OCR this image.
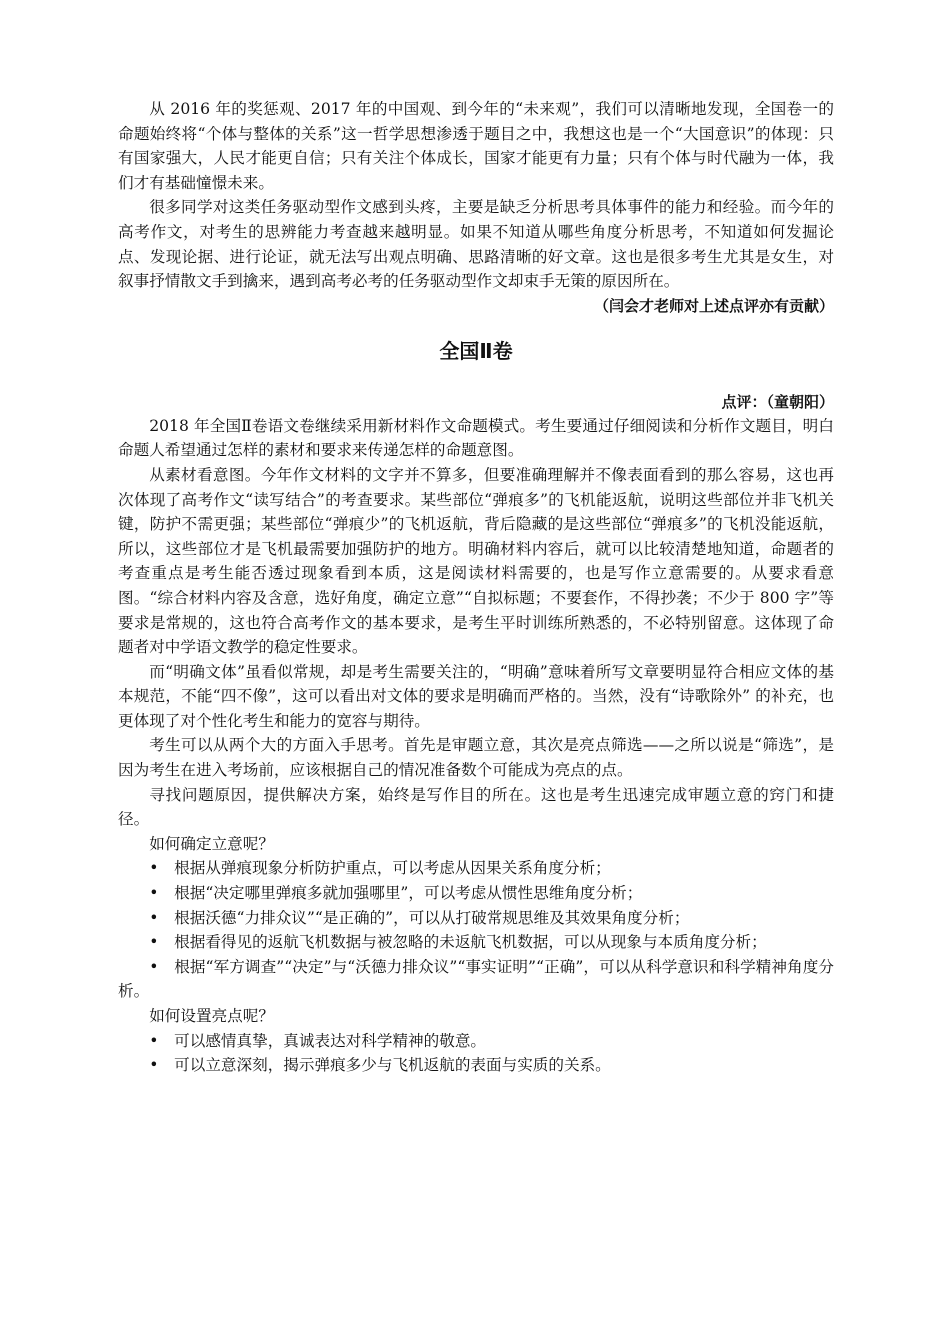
从 2016 年的奖惩观、2017 年的中国观、到今年的“未来观”，我们可以清晰地发现，全国卷一的命题始终将“个体与整体的关系”这一哲学思想渗透于题目之中，我想这也是一个“大国意识”的体现：只有国家强大，人民才能更自信；只有关注个体成长，国家才能更有力量；只有个体与时代融为一体，我们才有基础憧憬未来。

很多同学对这类任务驱动型作文感到头疼，主要是缺乏分析思考具体事件的能力和经验。而今年的高考作文，对考生的思辨能力考查越来越明显。如果不知道从哪些角度分析思考，不知道如何发掘论点、发现论据、进行论证，就无法写出观点明确、思路清晰的好文章。这也是很多考生尤其是女生，对叙事抒情散文手到擒来，遇到高考必考的任务驱动型作文却束手无策的原因所在。

（闫会才老师对上述点评亦有贡献）

全国Ⅱ卷

点评：（童朝阳）

2018 年全国Ⅱ卷语文卷继续采用新材料作文命题模式。考生要通过仔细阅读和分析作文题目，明白命题人希望通过怎样的素材和要求来传递怎样的命题意图。

从素材看意图。今年作文材料的文字并不算多，但要准确理解并不像表面看到的那么容易，这也再次体现了高考作文“读写结合”的考查要求。某些部位“弹痕多”的飞机能返航，说明这些部位并非飞机关键，防护不需更强；某些部位“弹痕少”的飞机返航，背后隐藏的是这些部位“弹痕多”的飞机没能返航，所以，这些部位才是飞机最需要加强防护的地方。明确材料内容后，就可以比较清楚地知道，命题者的考查重点是考生能否透过现象看到本质，这是阅读材料需要的，也是写作立意需要的。从要求看意图。“综合材料内容及含意，选好角度，确定立意”“自拟标题；不要套作，不得抄袭；不少于 800 字”等要求是常规的，这也符合高考作文的基本要求，是考生平时训练所熟悉的，不必特别留意。这体现了命题者对中学语文教学的稳定性要求。

而“明确文体”虽看似常规，却是考生需要关注的，“明确”意味着所写文章要明显符合相应文体的基本规范，不能“四不像”，这可以看出对文体的要求是明确而严格的。当然，没有“诗歌除外” 的补充，也更体现了对个性化考生和能力的宽容与期待。

考生可以从两个大的方面入手思考。首先是审题立意，其次是亮点筛选——之所以说是“筛选”，是因为考生在进入考场前，应该根据自己的情况准备数个可能成为亮点的点。

寻找问题原因，提供解决方案，始终是写作目的所在。这也是考生迅速完成审题立意的窍门和捷径。

如何确定立意呢？

• 根据从弹痕现象分析防护重点，可以考虑从因果关系角度分析；

• 根据“决定哪里弹痕多就加强哪里”，可以考虑从惯性思维角度分析；

• 根据沃德“力排众议”“是正确的”，可以从打破常规思维及其效果角度分析；

• 根据看得见的返航飞机数据与被忽略的未返航飞机数据，可以从现象与本质角度分析；

• 根据“军方调查”“决定”与“沃德力排众议”“事实证明”“正确”，可以从科学意识和科学精神角度分析。

如何设置亮点呢？

• 可以感情真挚，真诚表达对科学精神的敬意。

• 可以立意深刻，揭示弹痕多少与飞机返航的表面与实质的关系。
